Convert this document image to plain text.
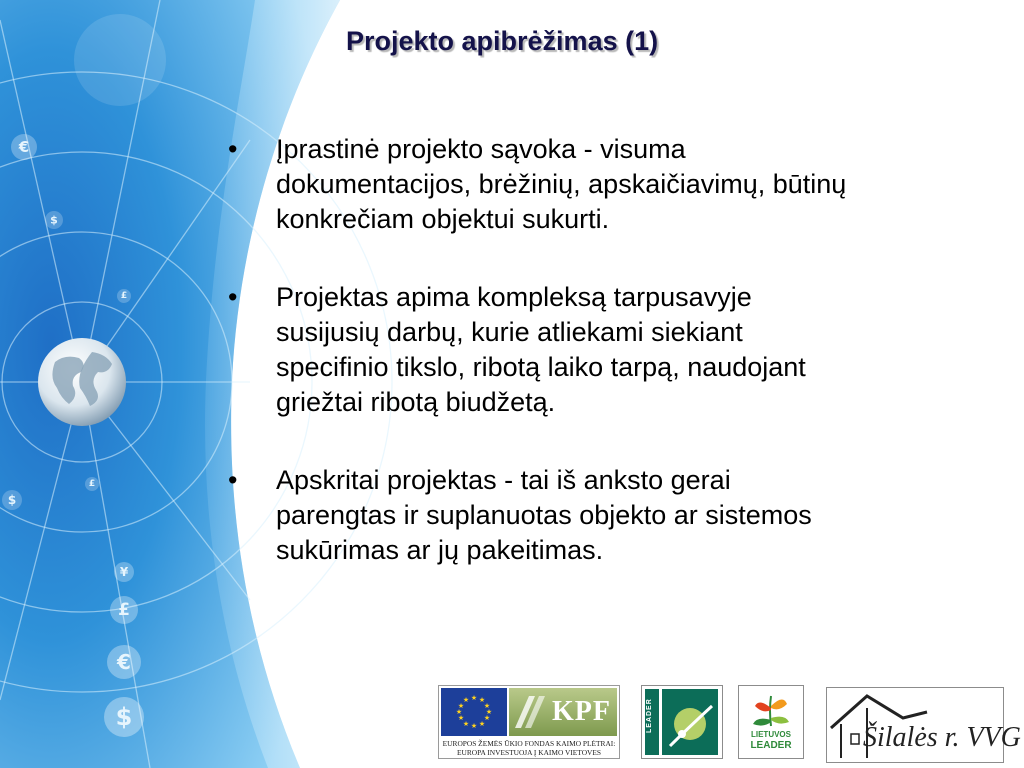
€
$
£
£
$
¥
£
€
$
Projekto apibrėžimas (1)
• Įprastinė projekto sąvoka - visuma
dokumentacijos, brėžinių, apskaičiavimų, būtinų
konkrečiam objektui sukurti.
• Projektas apima kompleksą tarpusavyje
susijusių darbų, kurie atliekami siekiant
specifinio tikslo, ribotą laiko tarpą, naudojant
griežtai ribotą biudžetą.
• Apskritai projektas - tai iš anksto gerai
parengtas ir suplanuotas objekto ar sistemos
sukūrimas ar jų pakeitimas.
★ ★
★
★
★
★
★
★
★
★
★
★	KPF
EUROPOS ŽEMĖS ŪKIO FONDAS KAIMO PLĖTRAI:
EUROPA INVESTUOJA Į KAIMO VIETOVES
LEADER
LIETUVOS
LEADER	Šilalės r. VVG
